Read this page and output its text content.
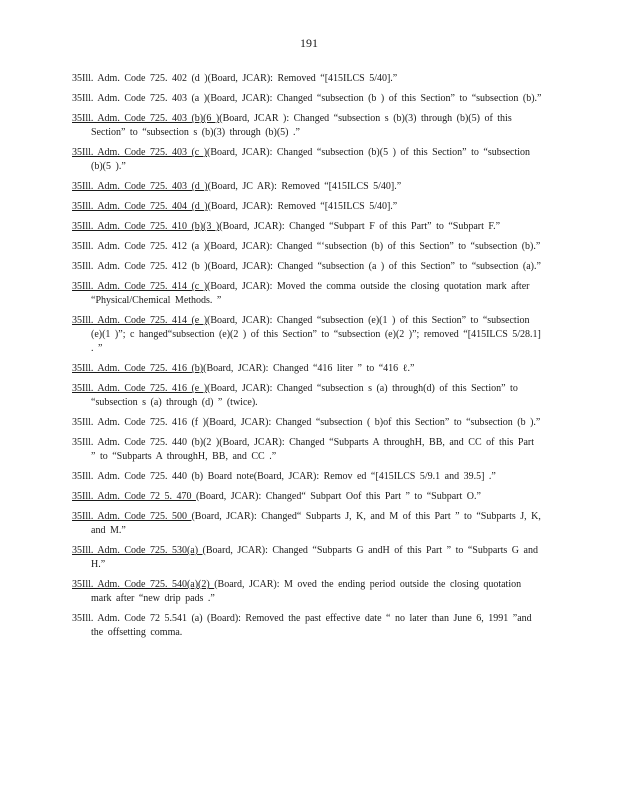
191
35Ill. Adm. Code 725. 402 (d )(Board, JCAR): Removed “[415ILCS 5/40].”
35Ill. Adm. Code 725. 403 (a )(Board, JCAR): Changed “subsection (b ) of this Section” to “subsection (b).”
35Ill. Adm. Code 725. 403 (b)(6 )(Board, JCAR ): Changed “subsection s (b)(3) through (b)(5) of this Section” to “subsection s (b)(3) through (b)(5) .”
35Ill. Adm. Code 725. 403 (c )(Board, JCAR): Changed “subsection (b)(5 ) of this Section” to “subsection (b)(5 ).”
35Ill. Adm. Code 725. 403 (d )(Board, JC AR): Removed “[415ILCS 5/40].”
35Ill. Adm. Code 725. 404 (d )(Board, JCAR): Removed “[415ILCS 5/40].”
35Ill. Adm. Code 725. 410 (b)(3 )(Board, JCAR): Changed “Subpart F of this Part” to “Subpart F.”
35Ill. Adm. Code 725. 412 (a )(Board, JCAR): Changed “‘subsection (b) of this Section” to “subsection (b).”
35Ill. Adm. Code 725. 412 (b )(Board, JCAR): Changed “subsection (a ) of this Section” to “subsection (a).”
35Ill. Adm. Code 725. 414 (c )(Board, JCAR): Moved the comma outside the closing quotation mark after “Physical/Chemical Methods. ”
35Ill. Adm. Code 725. 414 (e )(Board, JCAR): Changed “subsection (e)(1 ) of this Section” to “subsection (e)(1 )”; c hanged“subsection (e)(2 ) of this Section” to “subsection (e)(2 )”; removed “[415ILCS 5/28.1] . ”
35Ill. Adm. Code 725. 416 (b)(Board, JCAR): Changed “416 liter ” to “416 ℓ.”
35Ill. Adm. Code 725. 416 (e )(Board, JCAR): Changed “subsection s (a) through(d) of this Section” to “subsection s (a) through (d) ” (twice).
35Ill. Adm. Code 725. 416 (f )(Board, JCAR): Changed “subsection ( b)of this Section” to “subsection (b ).”
35Ill. Adm. Code 725. 440 (b)(2 )(Board, JCAR): Changed “Subparts A throughH, BB, and CC of this Part ” to “Subparts A throughH, BB, and CC .”
35Ill. Adm. Code 725. 440 (b) Board note(Board, JCAR): Remov ed “[415ILCS 5/9.1 and 39.5] .”
35Ill. Adm. Code 72 5. 470 (Board, JCAR): Changed“ Subpart Oof this Part ” to “Subpart O.”
35Ill. Adm. Code 725. 500 (Board, JCAR): Changed“ Subparts J, K, and M of this Part ” to “Subparts J, K, and M.”
35Ill. Adm. Code 725. 530(a) (Board, JCAR): Changed “Subparts G andH of this Part ” to “Subparts G and H.”
35Ill. Adm. Code 725. 540(a)(2) (Board, JCAR): M oved the ending period outside the closing quotation mark after “new drip pads .”
35Ill. Adm. Code 72 5.541 (a) (Board): Removed the past effective date “ no later than June 6, 1991 ”and the offsetting comma.
